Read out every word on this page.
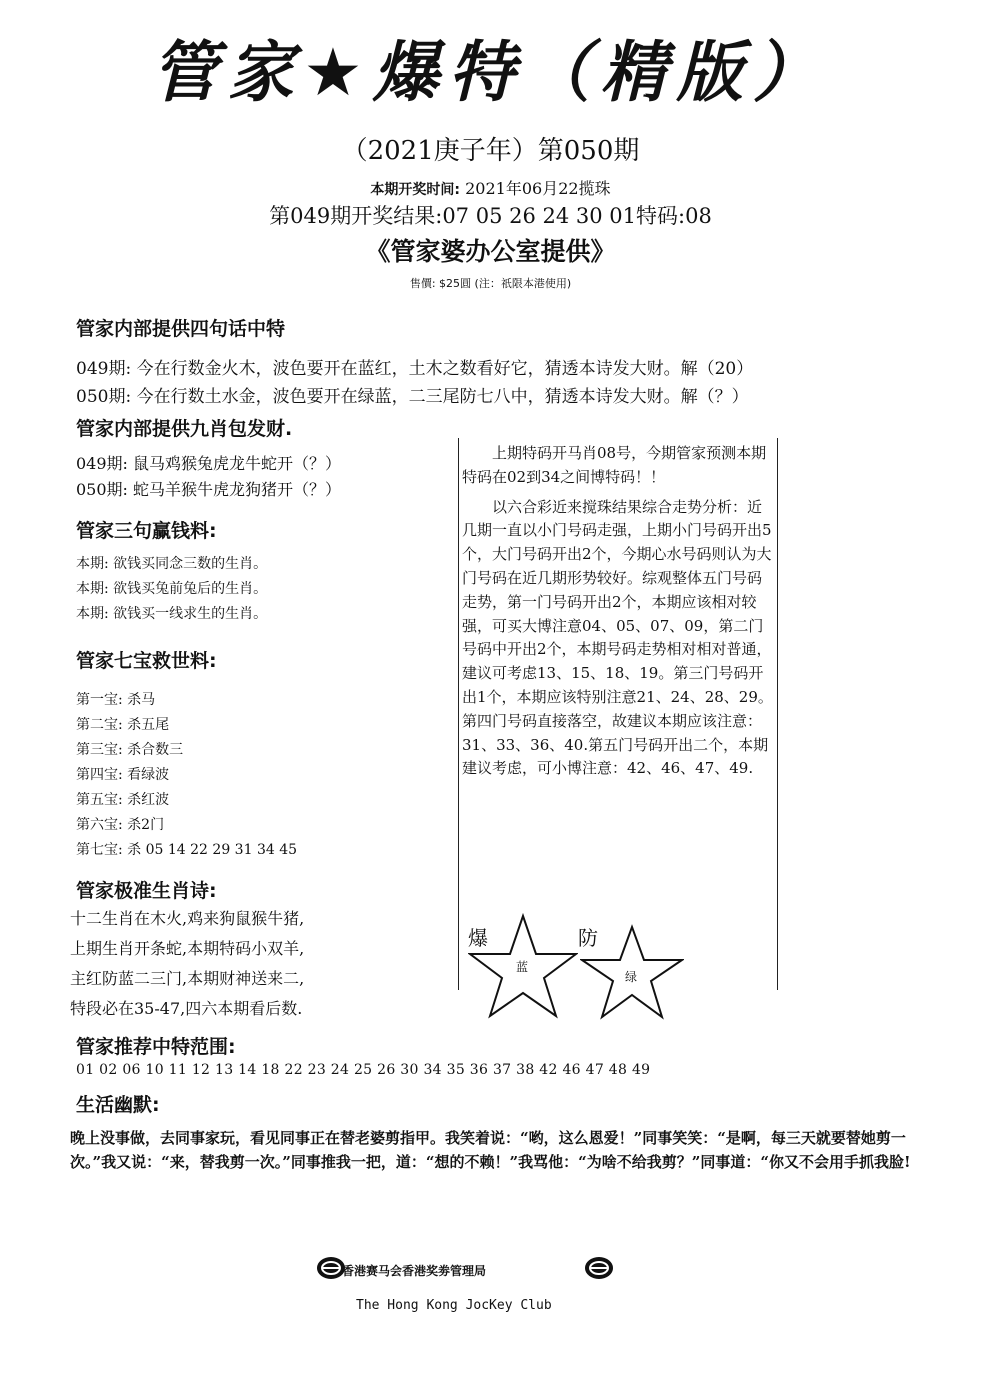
管家★爆特（精版）
（2021庚子年）第050期
本期开奖时间: 2021年06月22揽珠
第049期开奖结果:07 05 26 24 30 01特码:08
《管家婆办公室提供》
售價: $25圓 (注：祇限本港使用)
管家内部提供四句话中特
049期: 今在行数金火木，波色要开在蓝红，土木之数看好它，猜透本诗发大财。解（20）
050期: 今在行数土水金，波色要开在绿蓝，二三尾防七八中，猜透本诗发大财。解（？）
管家内部提供九肖包发财.
049期: 鼠马鸡猴兔虎龙牛蛇开（？）
050期: 蛇马羊猴牛虎龙狗猪开（？）
管家三句赢钱料:
本期: 欲钱买同念三数的生肖。
本期: 欲钱买兔前兔后的生肖。
本期: 欲钱买一线求生的生肖。
管家七宝救世料:
第一宝: 杀马
第二宝: 杀五尾
第三宝: 杀合数三
第四宝: 看绿波
第五宝: 杀红波
第六宝: 杀2门
第七宝: 杀 05 14 22 29 31 34 45
管家极准生肖诗:
十二生肖在木火,鸡来狗鼠猴牛猪,
上期生肖开条蛇,本期特码小双羊,
主红防蓝二三门,本期财神送来二,
特段必在35-47,四六本期看后数.

上期特码开马肖08号，今期管家预测本期特码在02到34之间博特码！！

以六合彩近来搅珠结果综合走势分析：近几期一直以小门号码走强，上期小门号码开出5个，大门号码开出2个，今期心水号码则认为大门号码在近几期形势较好。综观整体五门号码走势，第一门号码开出2个，本期应该相对较强，可买大博注意04、05、07、09，第二门号码中开出2个，本期号码走势相对相对普通，建议可考虑13、15、18、19。第三门号码开出1个，本期应该特别注意21、24、28、29。第四门号码直接落空，故建议本期应该注意：31、33、36、40.第五门号码开出二个，本期建议考虑，可小博注意：42、46、47、49.

爆
蓝
防
绿
管家推荐中特范围:
01 02 06 10 11 12 13 14 18 22 23 24 25 26 30 34 35 36 37 38 42 46 47 48 49
生活幽默:
晚上没事做，去同事家玩，看见同事正在替老婆剪指甲。我笑着说：“哟，这么恩爱！”同事笑笑：“是啊，每三天就要替她剪一次。”我又说：“来，替我剪一次。”同事推我一把，道：“想的不赖！”我骂他：“为啥不给我剪？”同事道：“你又不会用手抓我脸!
香港赛马会香港奖劵管理局
The Hong Kong JocKey Club
